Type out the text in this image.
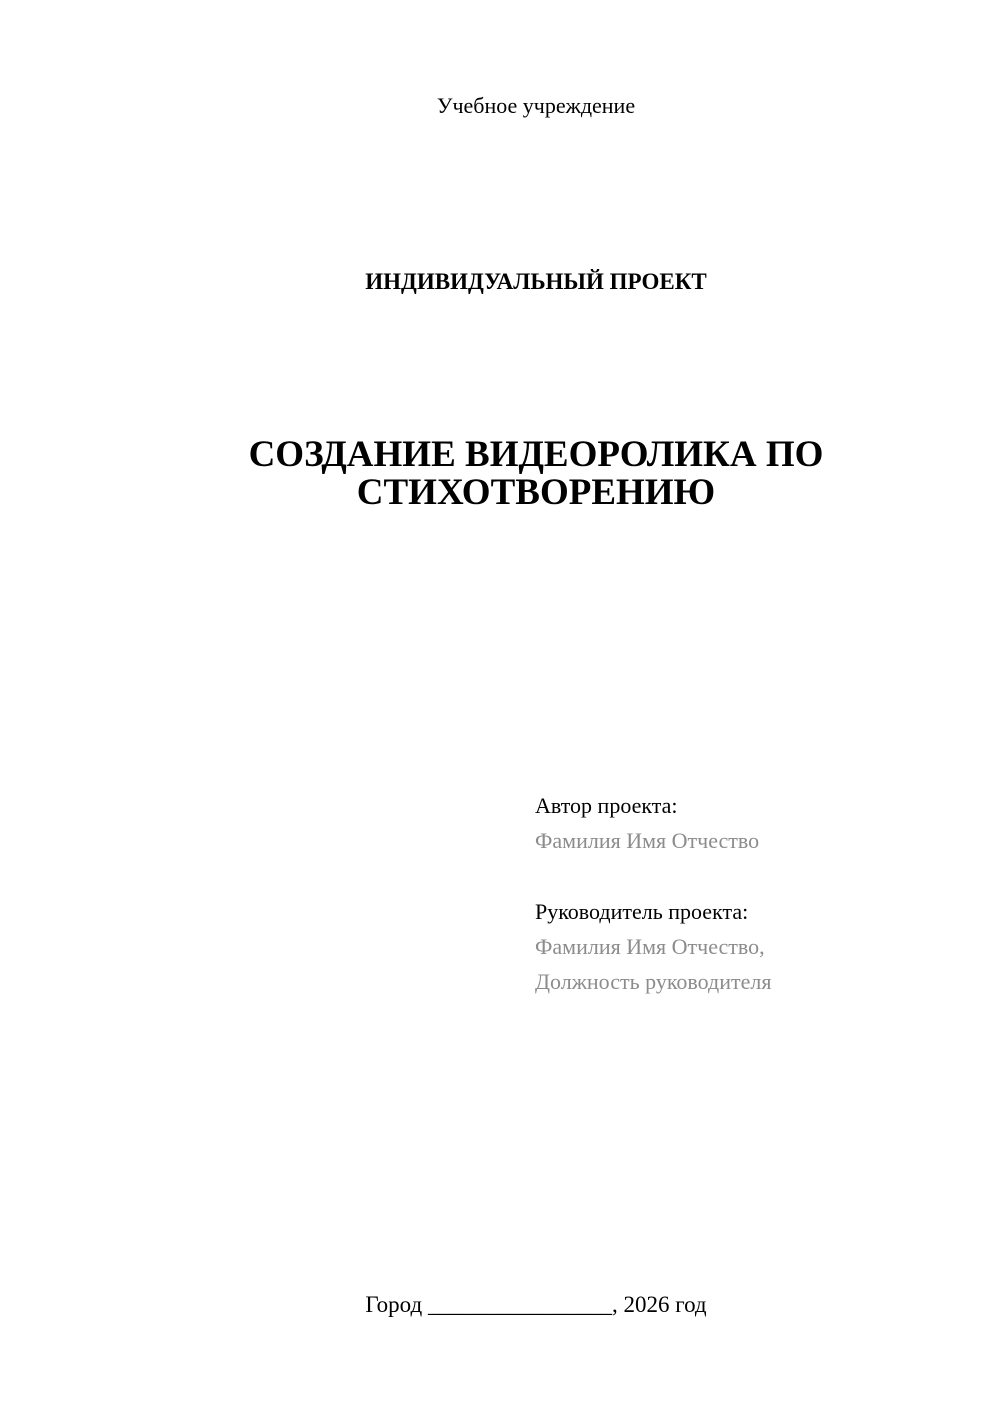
Учебное учреждение
ИНДИВИДУАЛЬНЫЙ ПРОЕКТ
СОЗДАНИЕ ВИДЕОРОЛИКА ПО
СТИХОТВОРЕНИЮ
Автор проекта:
Фамилия Имя Отчество
Руководитель проекта:
Фамилия Имя Отчество,
Должность руководителя
Город ________________, 2026 год
